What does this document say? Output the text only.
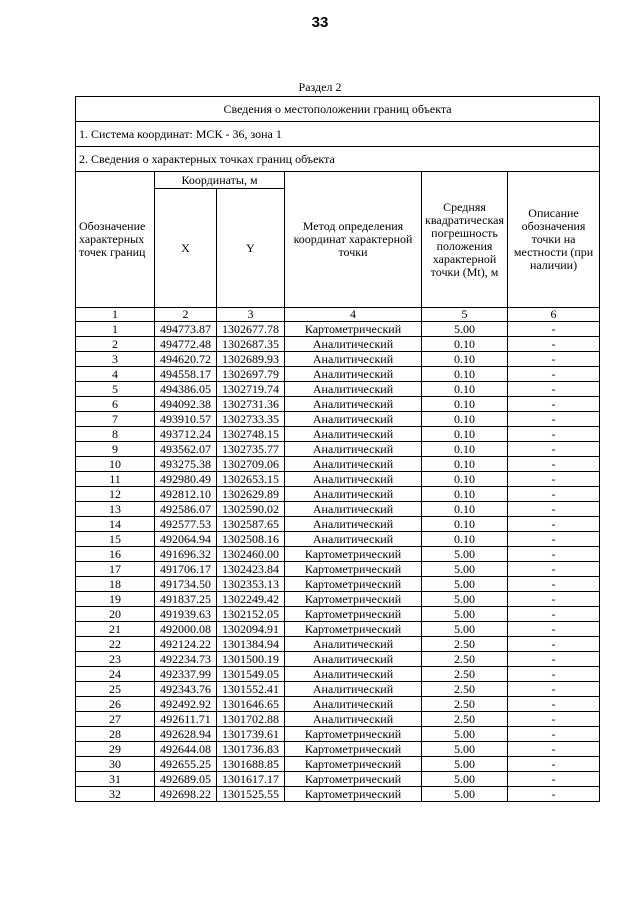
33
Раздел 2
Сведения о местоположении границ объекта					
1. Система координат: МСК - 36, зона 1					
2. Сведения о характерных точках границ объекта					
Обозначение характерных точек границ	Координаты, м		Метод определения координат характерной точки	Средняя квадратическая погрешность положения характерной точки (Mt), м	Описание обозначения точки на местности (при наличии)
	X	Y			
1	2	3	4	5	6
1	494773.87	1302677.78	Картометрический	5.00	-
2	494772.48	1302687.35	Аналитический	0.10	-
3	494620.72	1302689.93	Аналитический	0.10	-
4	494558.17	1302697.79	Аналитический	0.10	-
5	494386.05	1302719.74	Аналитический	0.10	-
6	494092.38	1302731.36	Аналитический	0.10	-
7	493910.57	1302733.35	Аналитический	0.10	-
8	493712.24	1302748.15	Аналитический	0.10	-
9	493562.07	1302735.77	Аналитический	0.10	-
10	493275.38	1302709.06	Аналитический	0.10	-
11	492980.49	1302653.15	Аналитический	0.10	-
12	492812.10	1302629.89	Аналитический	0.10	-
13	492586.07	1302590.02	Аналитический	0.10	-
14	492577.53	1302587.65	Аналитический	0.10	-
15	492064.94	1302508.16	Аналитический	0.10	-
16	491696.32	1302460.00	Картометрический	5.00	-
17	491706.17	1302423.84	Картометрический	5.00	-
18	491734.50	1302353.13	Картометрический	5.00	-
19	491837.25	1302249.42	Картометрический	5.00	-
20	491939.63	1302152.05	Картометрический	5.00	-
21	492000.08	1302094.91	Картометрический	5.00	-
22	492124.22	1301384.94	Аналитический	2.50	-
23	492234.73	1301500.19	Аналитический	2.50	-
24	492337.99	1301549.05	Аналитический	2.50	-
25	492343.76	1301552.41	Аналитический	2.50	-
26	492492.92	1301646.65	Аналитический	2.50	-
27	492611.71	1301702.88	Аналитический	2.50	-
28	492628.94	1301739.61	Картометрический	5.00	-
29	492644.08	1301736.83	Картометрический	5.00	-
30	492655.25	1301688.85	Картометрический	5.00	-
31	492689.05	1301617.17	Картометрический	5.00	-
32	492698.22	1301525.55	Картометрический	5.00	-
